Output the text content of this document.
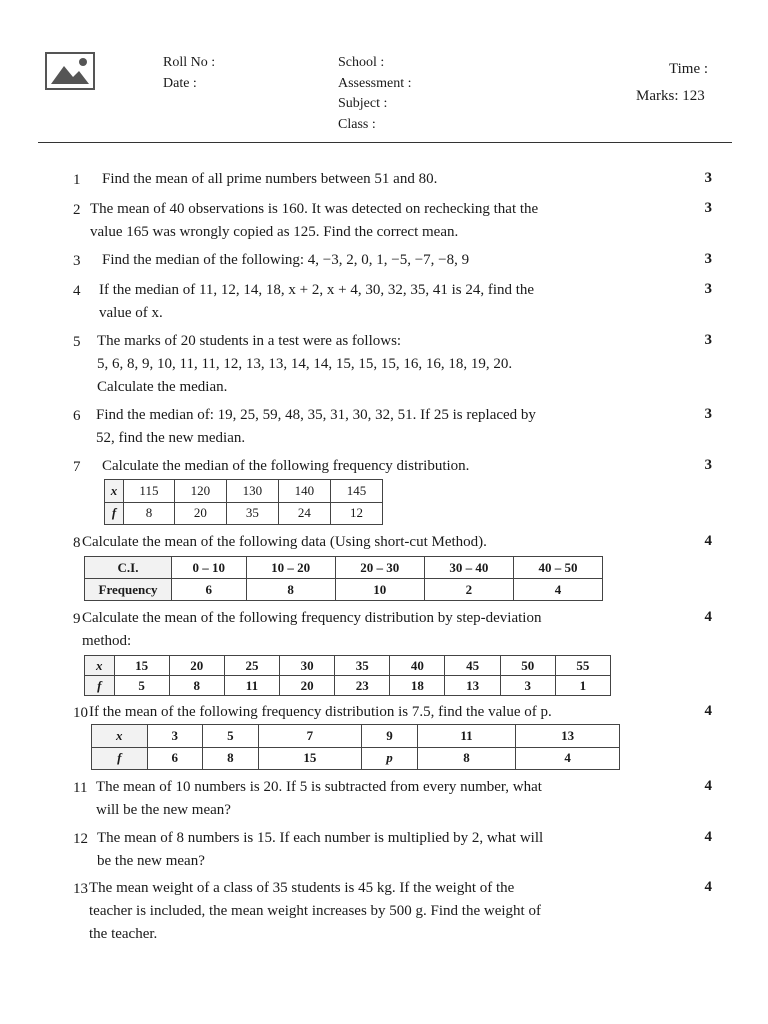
Roll No :
Date :
School :
Assessment :
Subject :
Class :
Time :
Marks: 123
1 Find the mean of all prime numbers between 51 and 80.	3
2 The mean of 40 observations is 160. It was detected on rechecking that the
value 165 was wrongly copied as 125. Find the correct mean.
3
3 Find the median of the following: 4, −3, 2, 0, 1, −5, −7, −8, 9	3
4 If the median of 11, 12, 14, 18, x + 2, x + 4, 30, 32, 35, 41 is 24, find the
value of x.
3
5 The marks of 20 students in a test were as follows:
5, 6, 8, 9, 10, 11, 11, 12, 13, 13, 14, 14, 15, 15, 15, 16, 16, 18, 19, 20.
Calculate the median.
3
6 Find the median of: 19, 25, 59, 48, 35, 31, 30, 32, 51. If 25 is replaced by
52, find the new median.
3
7 Calculate the median of the following frequency distribution.	3
x	115	120	130	140	145
f	8	20	35	24	12
8 Calculate the mean of the following data (Using short-cut Method).	4
C.I.	0 – 10	10 – 20	20 – 30	30 – 40	40 – 50
Frequency	6	8	10	2	4
9 Calculate the mean of the following frequency distribution by step-deviation
method:
4
x	15	20	25	30	35	40	45	50	55
f	5	8	11	20	23	18	13	3	1
10 If the mean of the following frequency distribution is 7.5, find the value of p.	4
x	3	5	7	9	11	13
f	6	8	15	p	8	4
11 The mean of 10 numbers is 20. If 5 is subtracted from every number, what
will be the new mean?
4
12 The mean of 8 numbers is 15. If each number is multiplied by 2, what will
be the new mean?
4
13 The mean weight of a class of 35 students is 45 kg. If the weight of the
teacher is included, the mean weight increases by 500 g. Find the weight of
the teacher.
4
